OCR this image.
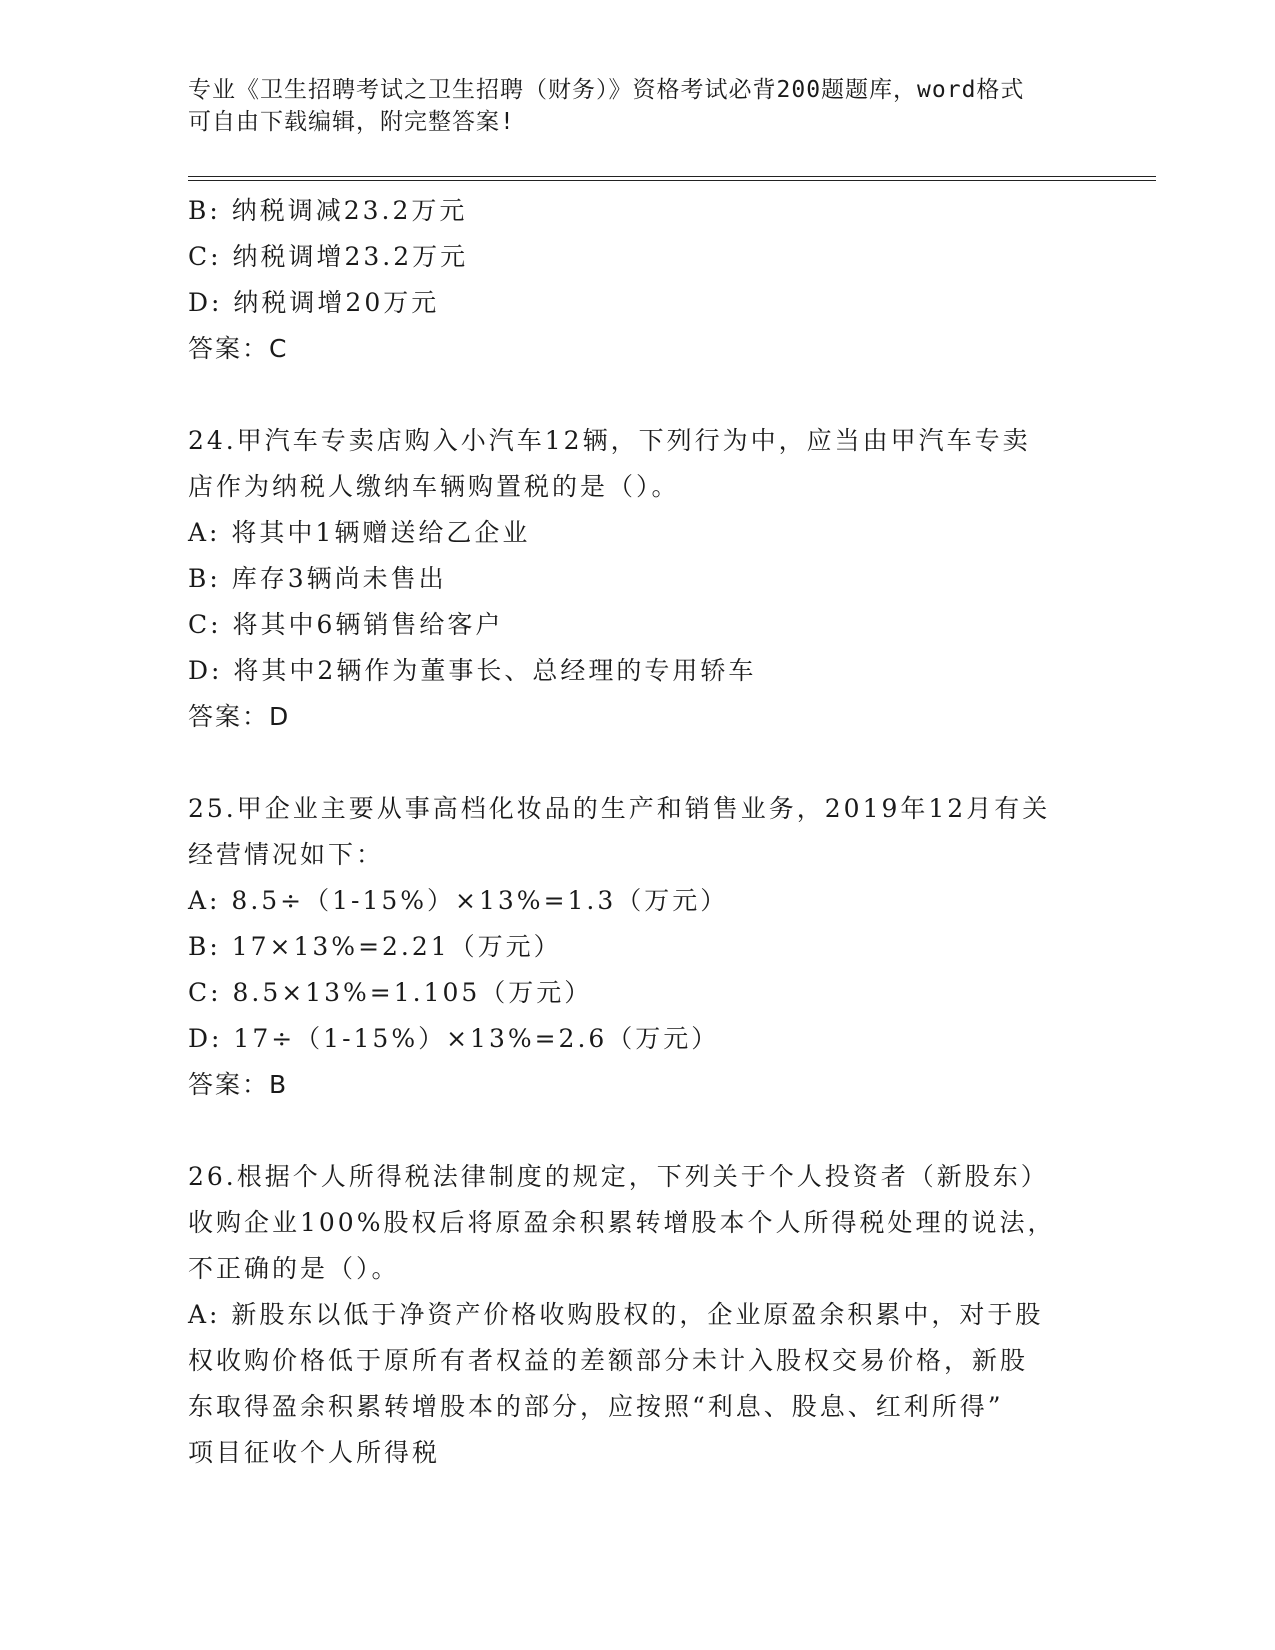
专业《卫生招聘考试之卫生招聘（财务）》资格考试必背200题题库，word格式
可自由下载编辑，附完整答案!
B: 纳税调减23.2万元
C: 纳税调增23.2万元
D: 纳税调增20万元
答案：C
24.甲汽车专卖店购入小汽车12辆，下列行为中，应当由甲汽车专卖
店作为纳税人缴纳车辆购置税的是（）。
A: 将其中1辆赠送给乙企业
B: 库存3辆尚未售出
C: 将其中6辆销售给客户
D: 将其中2辆作为董事长、总经理的专用轿车
答案：D
25.甲企业主要从事高档化妆品的生产和销售业务，2019年12月有关
经营情况如下：
A: 8.5÷（1-15%）×13%=1.3（万元）
B: 17×13%=2.21（万元）
C: 8.5×13%=1.105（万元）
D: 17÷（1-15%）×13%=2.6（万元）
答案：B
26.根据个人所得税法律制度的规定，下列关于个人投资者（新股东）
收购企业100%股权后将原盈余积累转增股本个人所得税处理的说法，
不正确的是（）。
A: 新股东以低于净资产价格收购股权的，企业原盈余积累中，对于股
权收购价格低于原所有者权益的差额部分未计入股权交易价格，新股
东取得盈余积累转增股本的部分，应按照“利息、股息、红利所得”
项目征收个人所得税
